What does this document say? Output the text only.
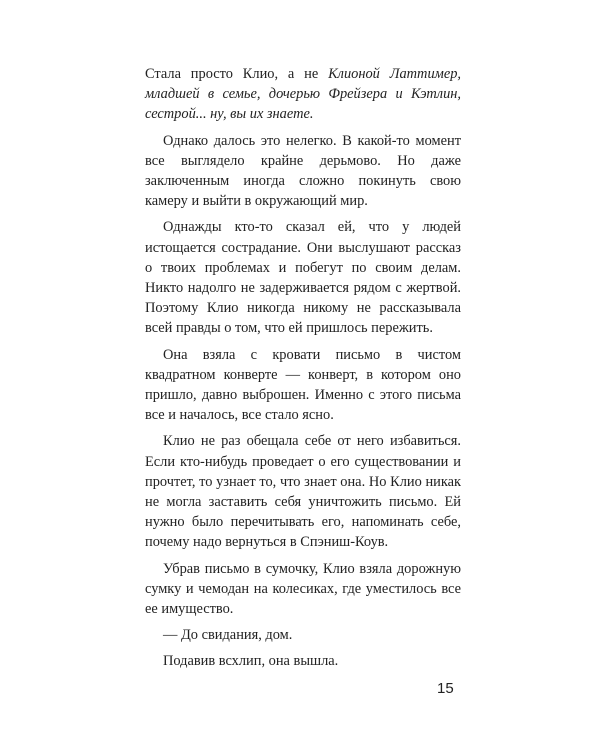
Стала просто Клио, а не Клионой Латтимер, младшей в семье, дочерью Фрейзера и Кэтлин, сестрой... ну, вы их знаете.

Однако далось это нелегко. В какой-то момент все выглядело крайне дерьмово. Но даже заключенным иногда сложно покинуть свою камеру и выйти в окружающий мир.

Однажды кто-то сказал ей, что у людей истощается сострадание. Они выслушают рассказ о твоих проблемах и побегут по своим делам. Никто надолго не задерживается рядом с жертвой. Поэтому Клио никогда никому не рассказывала всей правды о том, что ей пришлось пережить.

Она взяла с кровати письмо в чистом квадратном конверте — конверт, в котором оно пришло, давно выброшен. Именно с этого письма все и началось, все стало ясно.

Клио не раз обещала себе от него избавиться. Если кто-нибудь проведает о его существовании и прочтет, то узнает то, что знает она. Но Клио никак не могла заставить себя уничтожить письмо. Ей нужно было перечитывать его, напоминать себе, почему надо вернуться в Спэниш-Коув.

Убрав письмо в сумочку, Клио взяла дорожную сумку и чемодан на колесиках, где уместилось все ее имущество.

— До свидания, дом.

Подавив всхлип, она вышла.

15
